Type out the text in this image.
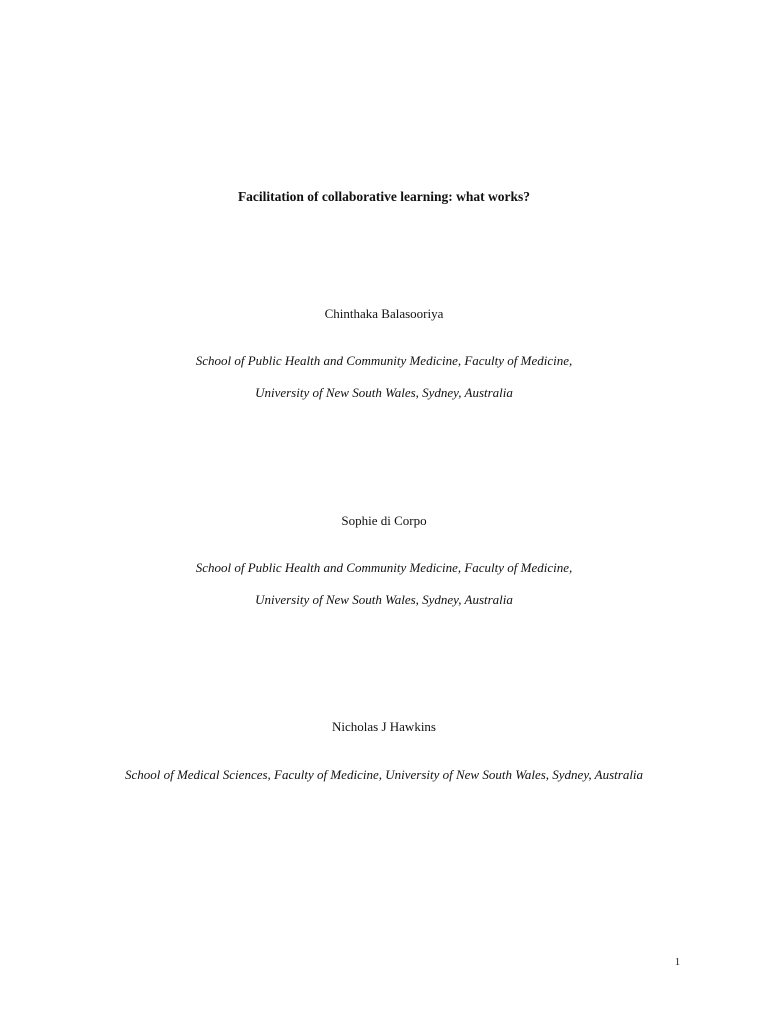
Facilitation of collaborative learning: what works?
Chinthaka Balasooriya
School of Public Health and Community Medicine, Faculty of Medicine,
University of New South Wales, Sydney, Australia
Sophie di Corpo
School of Public Health and Community Medicine, Faculty of Medicine,
University of New South Wales, Sydney, Australia
Nicholas J Hawkins
School of Medical Sciences, Faculty of Medicine, University of New South Wales, Sydney, Australia
1
